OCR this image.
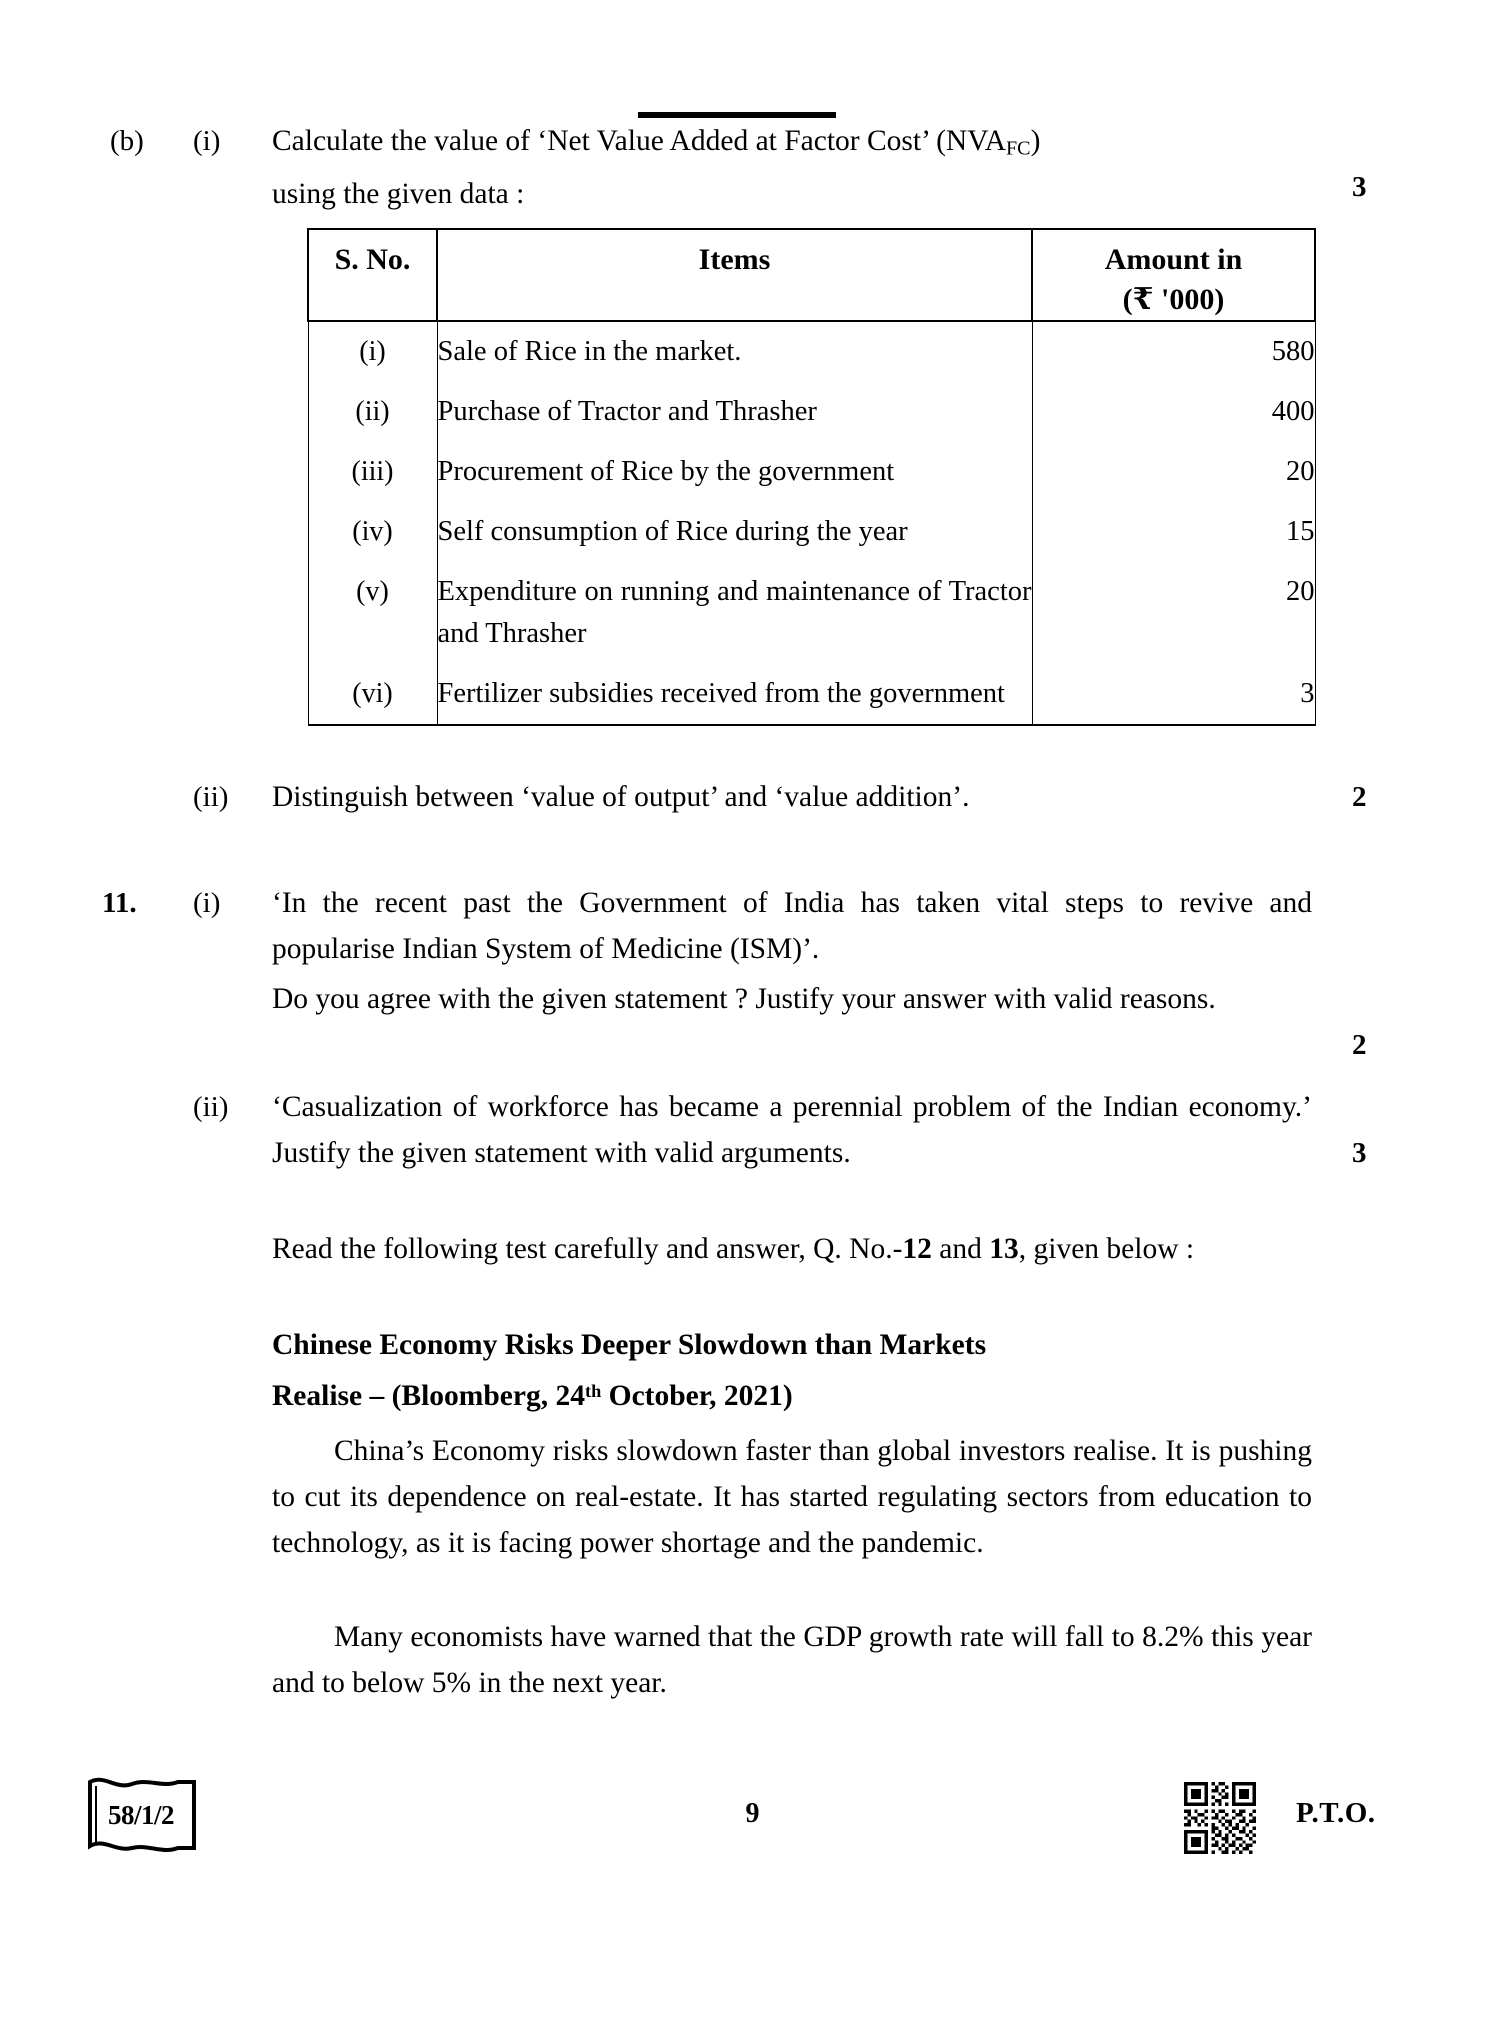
(b) (i) Calculate the value of ‘Net Value Added at Factor Cost’ $(NVA_{FC})$
using the given data :	3
S. No.	Items	Amount in
(₹ '000)

(i)	Sale of Rice in the market.	580
(ii)	Purchase of Tractor and Thrasher	400
(iii)	Procurement of Rice by the government	20
(iv)	Self consumption of Rice during the year	15
(v)	Expenditure on running and maintenance of Tractor and Thrasher	20
(vi)	Fertilizer subsidies received from the government	3
(ii) Distinguish between ‘value of output’ and ‘value addition’.	2
11. (i) ‘In the recent past the Government of India has taken vital steps to revive and popularise Indian System of Medicine (ISM)’.
Do you agree with the given statement ? Justify your answer with valid reasons.
2
(ii) ‘Casualization of workforce has became a perennial problem of the Indian economy.’ Justify the given statement with valid arguments.	3
Read the following test carefully and answer, Q. No.-12 and 13, given below :
Chinese Economy Risks Deeper Slowdown than Markets
Realise – (Bloomberg, 24th October, 2021)
China’s Economy risks slowdown faster than global investors realise. It is pushing to cut its dependence on real-estate. It has started regulating sectors from education to technology, as it is facing power shortage and the pandemic.
Many economists have warned that the GDP growth rate will fall to 8.2% this year and to below 5% in the next year.
58/1/2	9	P.T.O.
